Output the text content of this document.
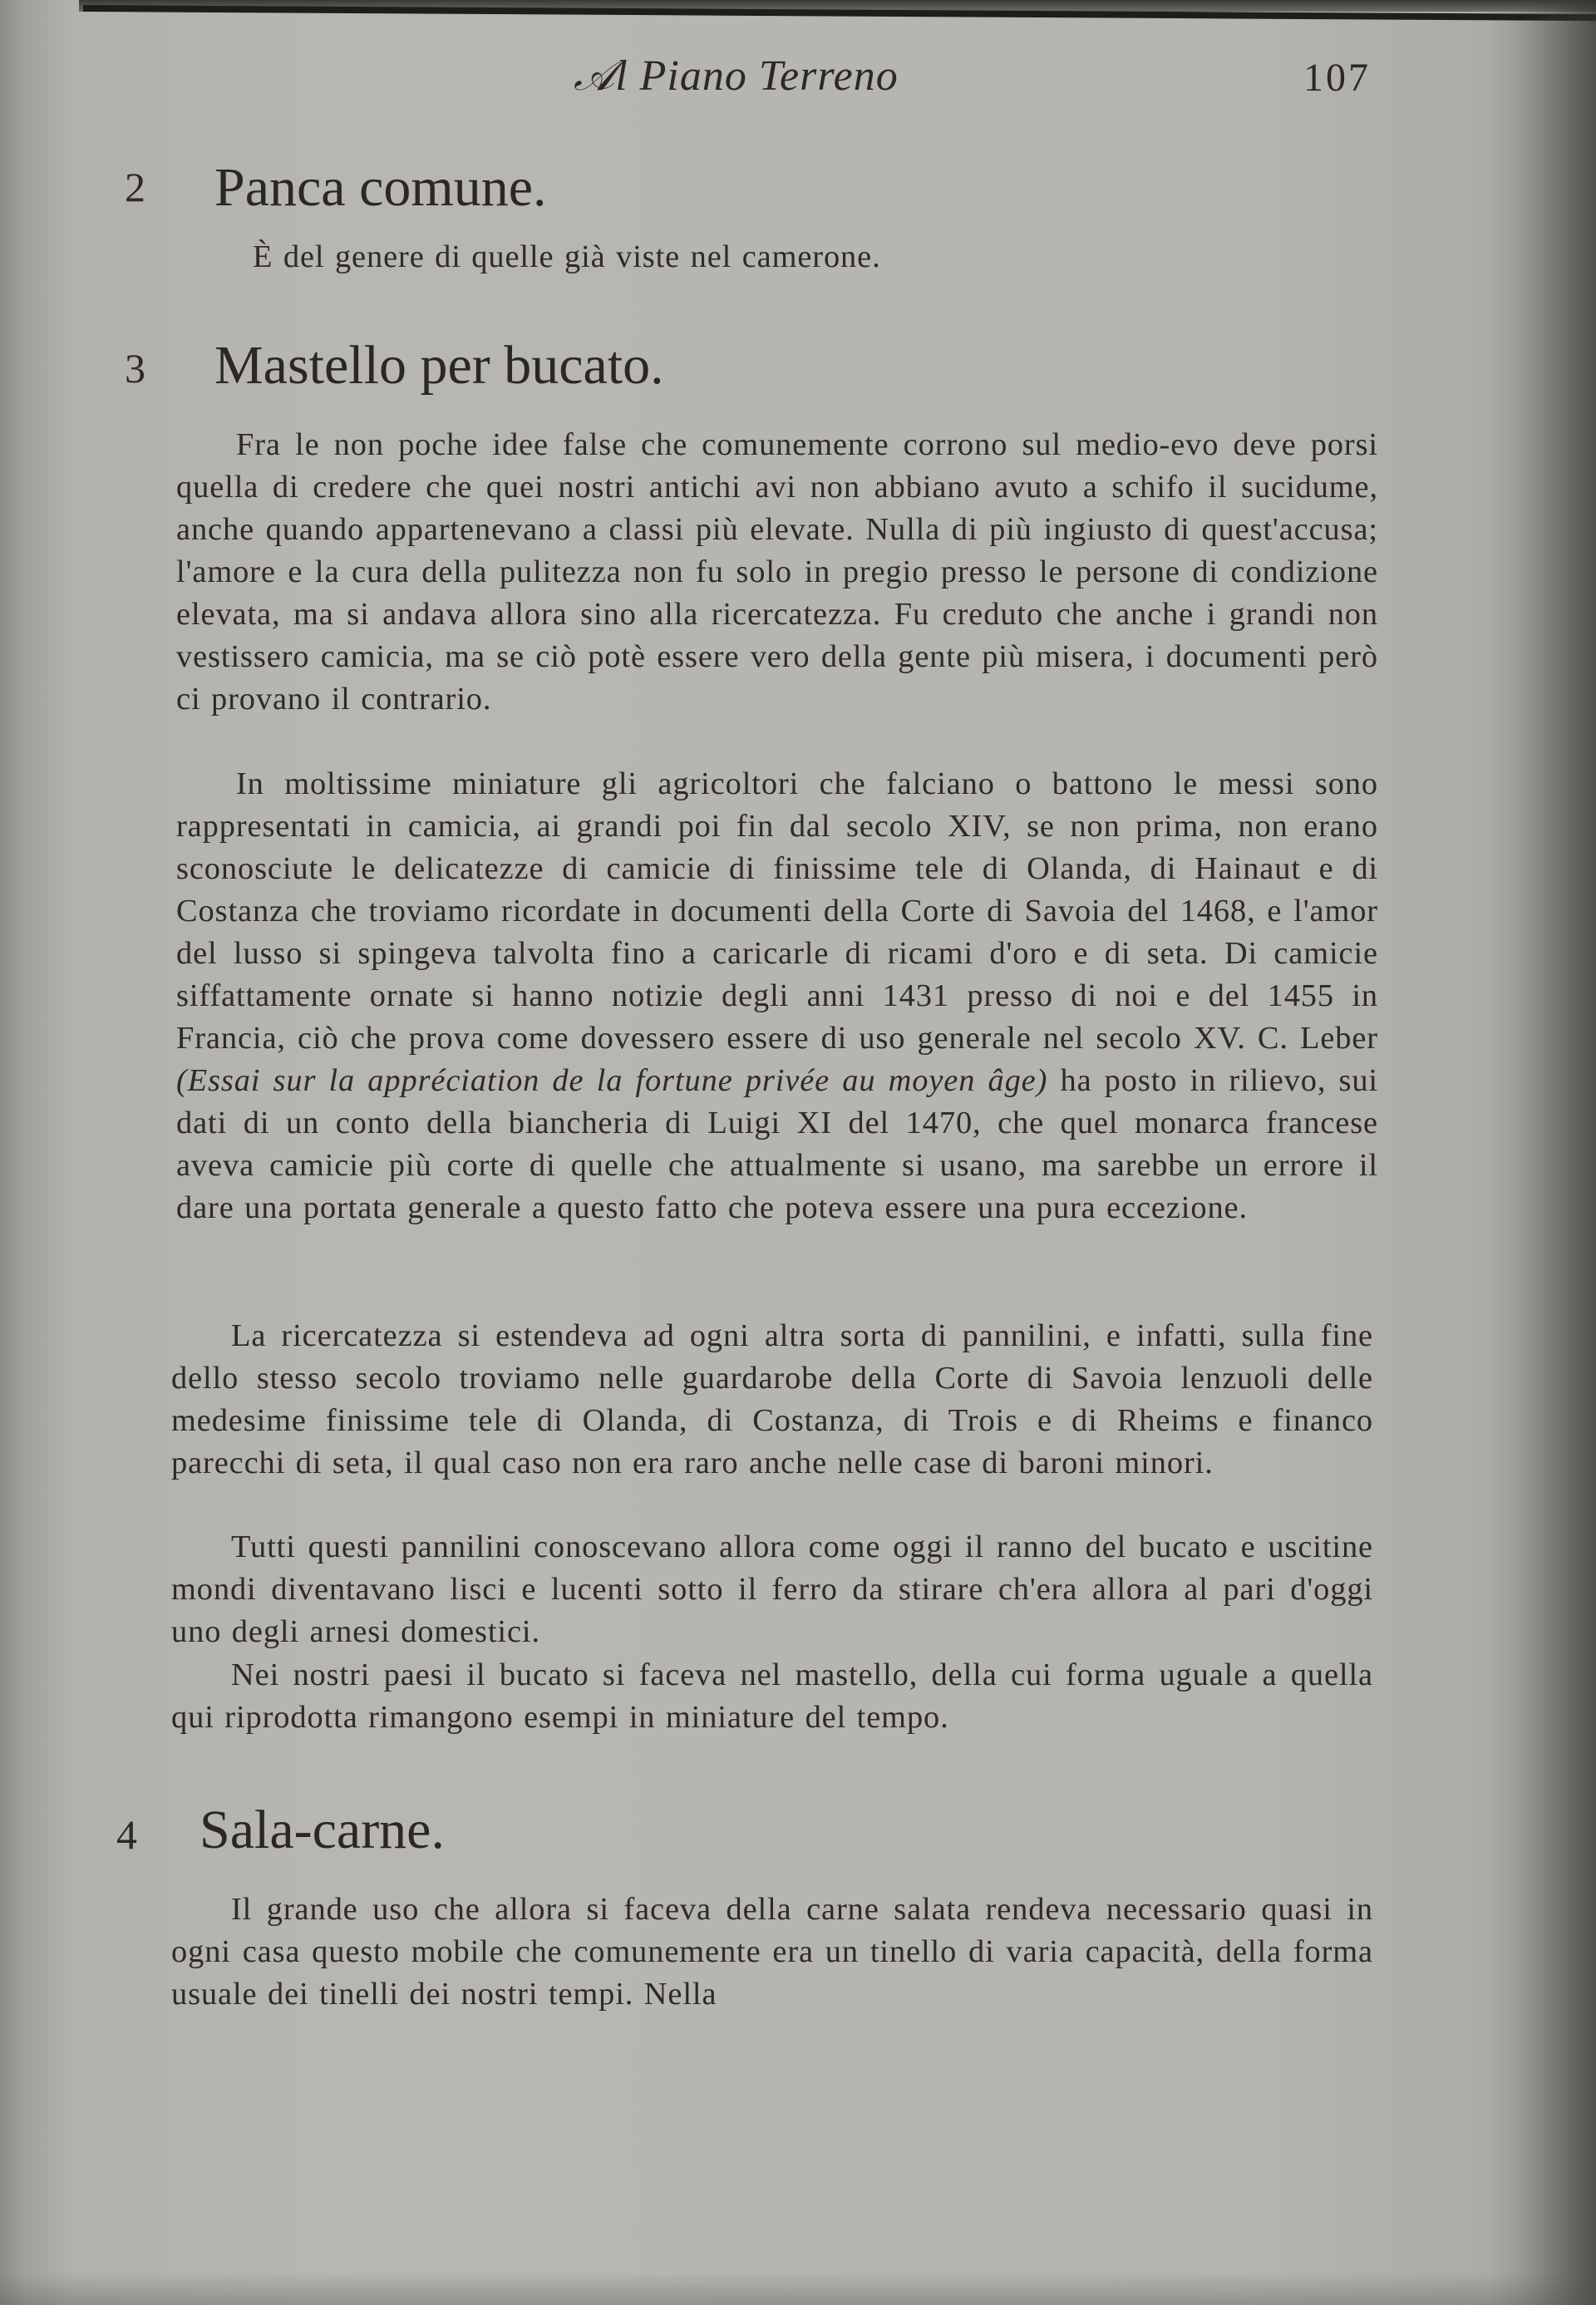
𝒜l Piano Terreno	107
2 Panca comune.

È del genere di quelle già viste nel camerone.

3 Mastello per bucato.

Fra le non poche idee false che comunemente corrono sul medio-evo deve porsi quella di credere che quei nostri antichi avi non abbiano avuto a schifo il sucidume, anche quando appartenevano a classi più elevate. Nulla di più ingiusto di quest'accusa; l'amore e la cura della pulitezza non fu solo in pregio presso le persone di condizione elevata, ma si andava allora sino alla ricercatezza. Fu creduto che anche i grandi non vestissero camicia, ma se ciò potè essere vero della gente più misera, i documenti però ci provano il contrario.

In moltissime miniature gli agricoltori che falciano o battono le messi sono rappresentati in camicia, ai grandi poi fin dal secolo XIV, se non prima, non erano sconosciute le delicatezze di camicie di finissime tele di Olanda, di Hainaut e di Costanza che troviamo ricordate in documenti della Corte di Savoia del 1468, e l'amor del lusso si spingeva talvolta fino a caricarle di ricami d'oro e di seta. Di camicie siffattamente ornate si hanno notizie degli anni 1431 presso di noi e del 1455 in Francia, ciò che prova come dovessero essere di uso generale nel secolo XV. C. Leber (Essai sur la appréciation de la fortune privée au moyen âge) ha posto in rilievo, sui dati di un conto della biancheria di Luigi XI del 1470, che quel monarca francese aveva camicie più corte di quelle che attualmente si usano, ma sarebbe un errore il dare una portata generale a questo fatto che poteva essere una pura eccezione.

La ricercatezza si estendeva ad ogni altra sorta di pannilini, e infatti, sulla fine dello stesso secolo troviamo nelle guardarobe della Corte di Savoia lenzuoli delle medesime finissime tele di Olanda, di Costanza, di Trois e di Rheims e financo parecchi di seta, il qual caso non era raro anche nelle case di baroni minori.

Tutti questi pannilini conoscevano allora come oggi il ranno del bucato e uscitine mondi diventavano lisci e lucenti sotto il ferro da stirare ch'era allora al pari d'oggi uno degli arnesi domestici.

Nei nostri paesi il bucato si faceva nel mastello, della cui forma uguale a quella qui riprodotta rimangono esempi in miniature del tempo.

4 Sala-carne.

Il grande uso che allora si faceva della carne salata rendeva necessario quasi in ogni casa questo mobile che comunemente era un tinello di varia capacità, della forma usuale dei tinelli dei nostri tempi. Nella
